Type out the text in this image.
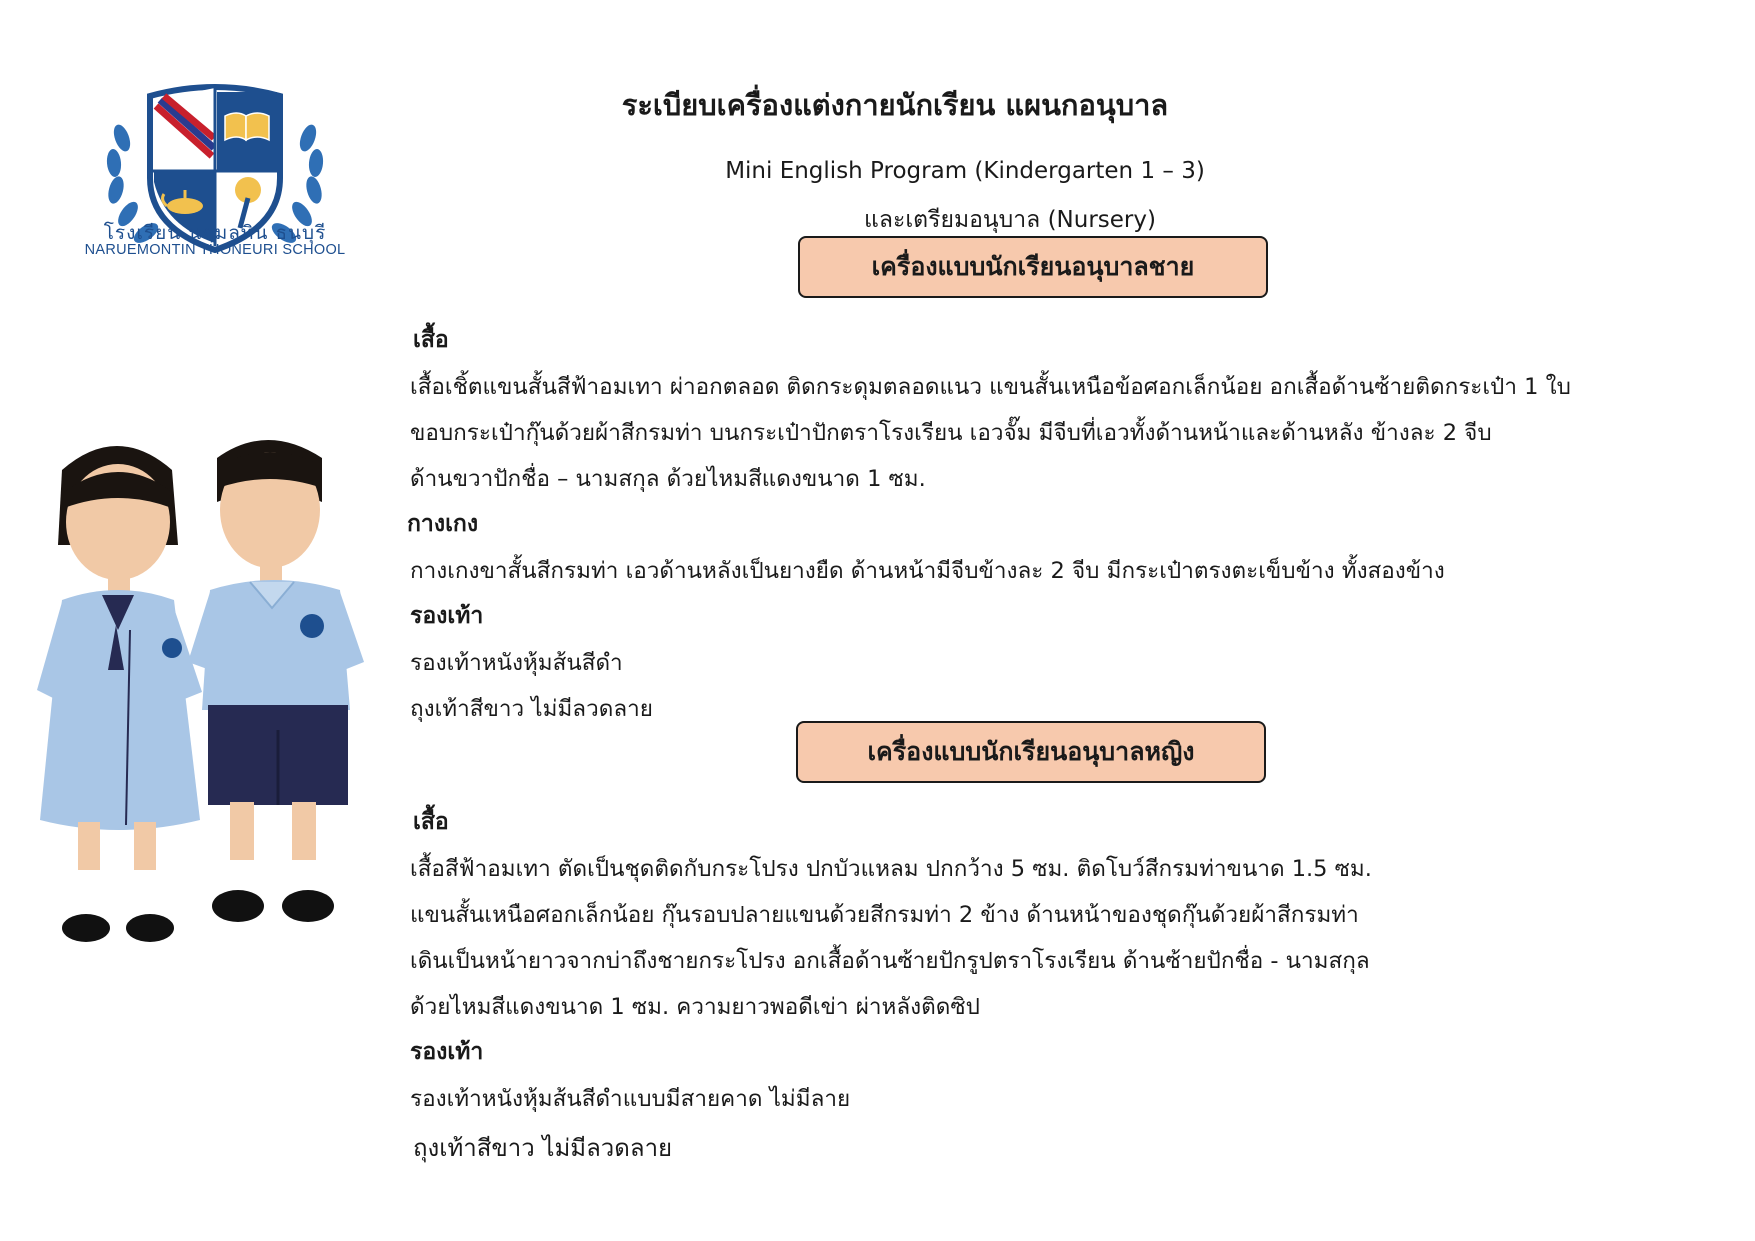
โรงเรียน นฤมลทิน ธนบุรี
NARUEMONTIN THONEURI SCHOOL
ระเบียบเครื่องแต่งกายนักเรียน แผนกอนุบาล
Mini English Program (Kindergarten 1 – 3)
และเตรียมอนุบาล (Nursery)
เครื่องแบบนักเรียนอนุบาลชาย
เสื้อ
เสื้อเชิ้ตแขนสั้นสีฟ้าอมเทา ผ่าอกตลอด ติดกระดุมตลอดแนว แขนสั้นเหนือข้อศอกเล็กน้อย อกเสื้อด้านซ้ายติดกระเป๋า 1 ใบ
ขอบกระเป๋ากุ๊นด้วยผ้าสีกรมท่า บนกระเป๋าปักตราโรงเรียน เอวจั๊ม มีจีบที่เอวทั้งด้านหน้าและด้านหลัง ข้างละ 2 จีบ
ด้านขวาปักชื่อ – นามสกุล ด้วยไหมสีแดงขนาด 1 ซม.
กางเกง
กางเกงขาสั้นสีกรมท่า เอวด้านหลังเป็นยางยืด ด้านหน้ามีจีบข้างละ 2 จีบ มีกระเป๋าตรงตะเข็บข้าง ทั้งสองข้าง
รองเท้า
รองเท้าหนังหุ้มส้นสีดำ
ถุงเท้าสีขาว ไม่มีลวดลาย
เครื่องแบบนักเรียนอนุบาลหญิง
เสื้อ
เสื้อสีฟ้าอมเทา ตัดเป็นชุดติดกับกระโปรง ปกบัวแหลม ปกกว้าง 5 ซม. ติดโบว์สีกรมท่าขนาด 1.5 ซม.
แขนสั้นเหนือศอกเล็กน้อย กุ๊นรอบปลายแขนด้วยสีกรมท่า 2 ข้าง ด้านหน้าของชุดกุ๊นด้วยผ้าสีกรมท่า
เดินเป็นหน้ายาวจากบ่าถึงชายกระโปรง อกเสื้อด้านซ้ายปักรูปตราโรงเรียน ด้านซ้ายปักชื่อ - นามสกุล
ด้วยไหมสีแดงขนาด 1 ซม. ความยาวพอดีเข่า ผ่าหลังติดซิป
รองเท้า
รองเท้าหนังหุ้มส้นสีดำแบบมีสายคาด ไม่มีลาย
ถุงเท้าสีขาว ไม่มีลวดลาย
